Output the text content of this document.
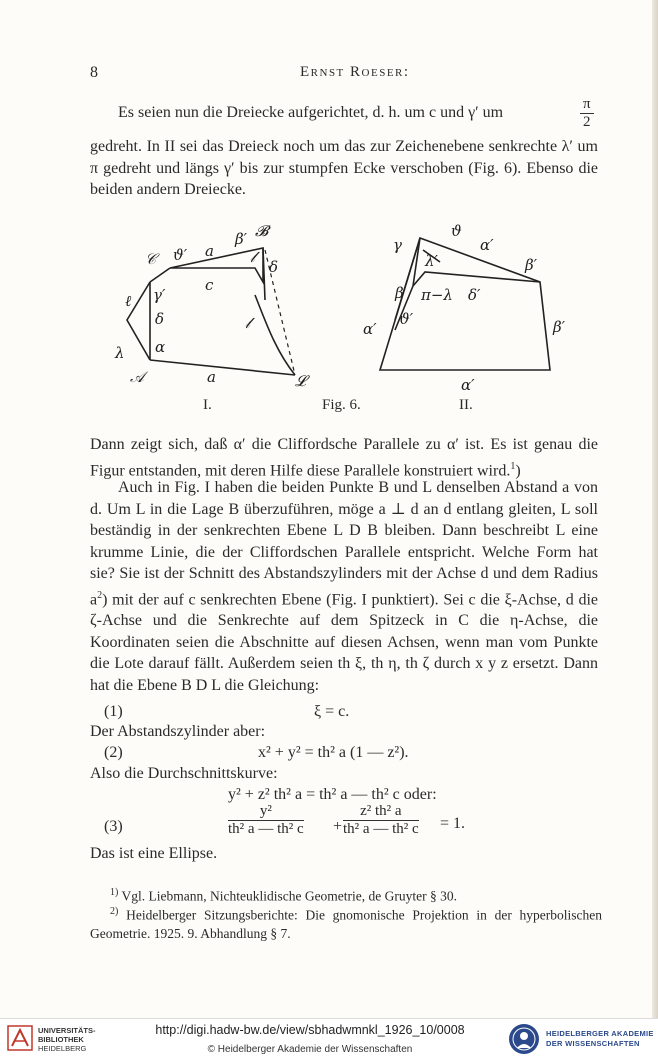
8	Ernst Roeser:
Es seien nun die Dreiecke aufgerichtet, d. h. um c und γ′ um	$\frac{\pi}{2}$
gedreht. In II sei das Dreieck noch um das zur Zeichenebene senkrechte λ′ um π gedreht und längs γ′ bis zur stumpfen Ecke verschoben (Fig. 6). Ebenso die beiden andern Dreiecke.
𝒞 ϑ′ a
β′ 𝓑
𝓁
δ
ℓ γ′
c
δ	𝓁
λ ɑ
𝒜	a	𝓛
ϑ
γ	α′
λ′	β′
β π−λ δ′
ϑ′	β′
α′
α′
I.	Fig. 6.	II.
Dann zeigt sich, daß α′ die Cliffordsche Parallele zu α′ ist. Es ist genau die Figur entstanden, mit deren Hilfe diese Parallele konstruiert wird.$^1$)
Auch in Fig. I haben die beiden Punkte B und L denselben Abstand a von d. Um L in die Lage B überzuführen, möge a ⊥ d an d entlang gleiten, L soll beständig in der senkrechten Ebene L D B bleiben. Dann beschreibt L eine krumme Linie, die der Cliffordschen Parallele entspricht. Welche Form hat sie? Sie ist der Schnitt des Abstandszylinders mit der Achse d und dem Radius $a^2$) mit der auf c senkrechten Ebene (Fig. I punktiert). Sei c die ξ-Achse, d die ζ-Achse und die Senkrechte auf dem Spitzeck in C die η-Achse, die Koordinaten seien die Abschnitte auf diesen Achsen, wenn man vom Punkte die Lote darauf fällt. Außerdem seien th ξ, th η, th ζ durch x y z ersetzt. Dann hat die Ebene B D L die Gleichung:
(1)	ξ = c.
Der Abstandszylinder aber:
(2)	x² + y² = th² a (1 — z²).
Also die Durchschnittskurve:
y² + z² th² a = th² a — th² c oder:
(3)	$\frac{\text{y²}}{\text{th² a — th² c}} + \frac{\text{z² th² a}}{\text{th² a — th² c}} = 1$.
Das ist eine Ellipse.
$^{1)}$ Vgl. Liebmann, Nichteuklidische Geometrie, de Gruyter § 30.
$^{2)}$ Heidelberger Sitzungsberichte: Die gnomonische Projektion in der hyperbolischen Geometrie. 1925. 9. Abhandlung § 7.
UNIVERSITÄTS-
BIBLIOTHEK
HEIDELBERG
http://digi.hadw-bw.de/view/sbhadwmnkl_1926_10/0008
© Heidelberger Akademie der Wissenschaften
HEIDELBERGER AKADEMIE
DER WISSENSCHAFTEN
